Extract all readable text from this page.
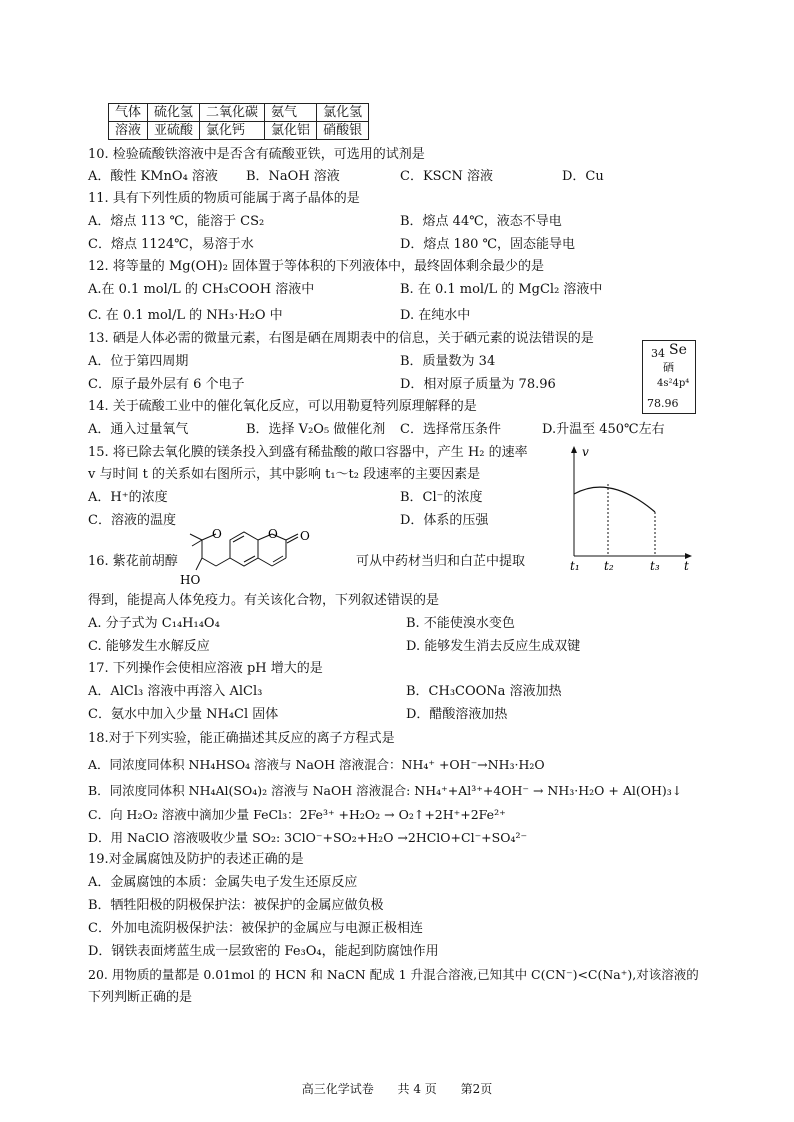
气体	硫化氢	二氧化碳	氨气	氯化氢
溶液	亚硫酸	氯化钙	氯化铝	硝酸银
10. 检验硫酸铁溶液中是否含有硫酸亚铁，可选用的试剂是
A．酸性 KMnO₄ 溶液 B．NaOH 溶液	C．KSCN 溶液	D．Cu
11. 具有下列性质的物质可能属于离子晶体的是
A．熔点 113 ℃，能溶于 CS₂	B．熔点 44℃，液态不导电
C．熔点 1124℃，易溶于水	D．熔点 180 ℃，固态能导电
12. 将等量的 Mg(OH)₂ 固体置于等体积的下列液体中，最终固体剩余最少的是
A.在 0.1 mol/L 的 CH₃COOH 溶液中	B. 在 0.1 mol/L 的 MgCl₂ 溶液中
C. 在 0.1 mol/L 的 NH₃·H₂O 中	D. 在纯水中
13. 硒是人体必需的微量元素，右图是硒在周期表中的信息，关于硒元素的说法错误的是
A．位于第四周期	B．质量数为 34
C．原子最外层有 6 个电子	D．相对原子质量为 78.96
34 Se
硒
4s²4p⁴
78.96
14. 关于硫酸工业中的催化氧化反应，可以用勒夏特列原理解释的是
A．通入过量氧气	B．选择 V₂O₅ 做催化剂 C．选择常压条件	D.升温至 450℃左右
15. 将已除去氧化膜的镁条投入到盛有稀盐酸的敞口容器中，产生 H₂ 的速率
v 与时间 t 的关系如右图所示，其中影响 t₁～t₂ 段速率的主要因素是
A．H⁺的浓度	B．Cl⁻的浓度
C．溶液的温度	D．体系的压强
v
t
t₁ t₂	t₃
16. 紫花前胡醇
O	O O
HO
可从中药材当归和白芷中提取
得到，能提高人体免疫力。有关该化合物，下列叙述错误的是
A. 分子式为 C₁₄H₁₄O₄	B. 不能使溴水变色
C. 能够发生水解反应	D. 能够发生消去反应生成双键
17. 下列操作会使相应溶液 pH 增大的是
A．AlCl₃ 溶液中再溶入 AlCl₃	B．CH₃COONa 溶液加热
C．氨水中加入少量 NH₄Cl 固体	D．醋酸溶液加热
18.对于下列实验，能正确描述其反应的离子方程式是
A．同浓度同体积 NH₄HSO₄ 溶液与 NaOH 溶液混合：NH₄⁺ +OH⁻→NH₃·H₂O
B．同浓度同体积 NH₄Al(SO₄)₂ 溶液与 NaOH 溶液混合: NH₄⁺+Al³⁺+4OH⁻ → NH₃·H₂O + Al(OH)₃↓
C．向 H₂O₂ 溶液中滴加少量 FeCl₃：2Fe³⁺ +H₂O₂ → O₂↑+2H⁺+2Fe²⁺
D．用 NaClO 溶液吸收少量 SO₂: 3ClO⁻+SO₂+H₂O →2HClO+Cl⁻+SO₄²⁻
19.对金属腐蚀及防护的表述正确的是
A．金属腐蚀的本质：金属失电子发生还原反应
B．牺牲阳极的阴极保护法：被保护的金属应做负极
C．外加电流阴极保护法：被保护的金属应与电源正极相连
D．钢铁表面烤蓝生成一层致密的 Fe₃O₄，能起到防腐蚀作用
20. 用物质的量都是 0.01mol 的 HCN 和 NaCN 配成 1 升混合溶液,已知其中 C(CN⁻)<C(Na⁺),对该溶液的
下列判断正确的是
高三化学试卷 共 4 页 第2页
